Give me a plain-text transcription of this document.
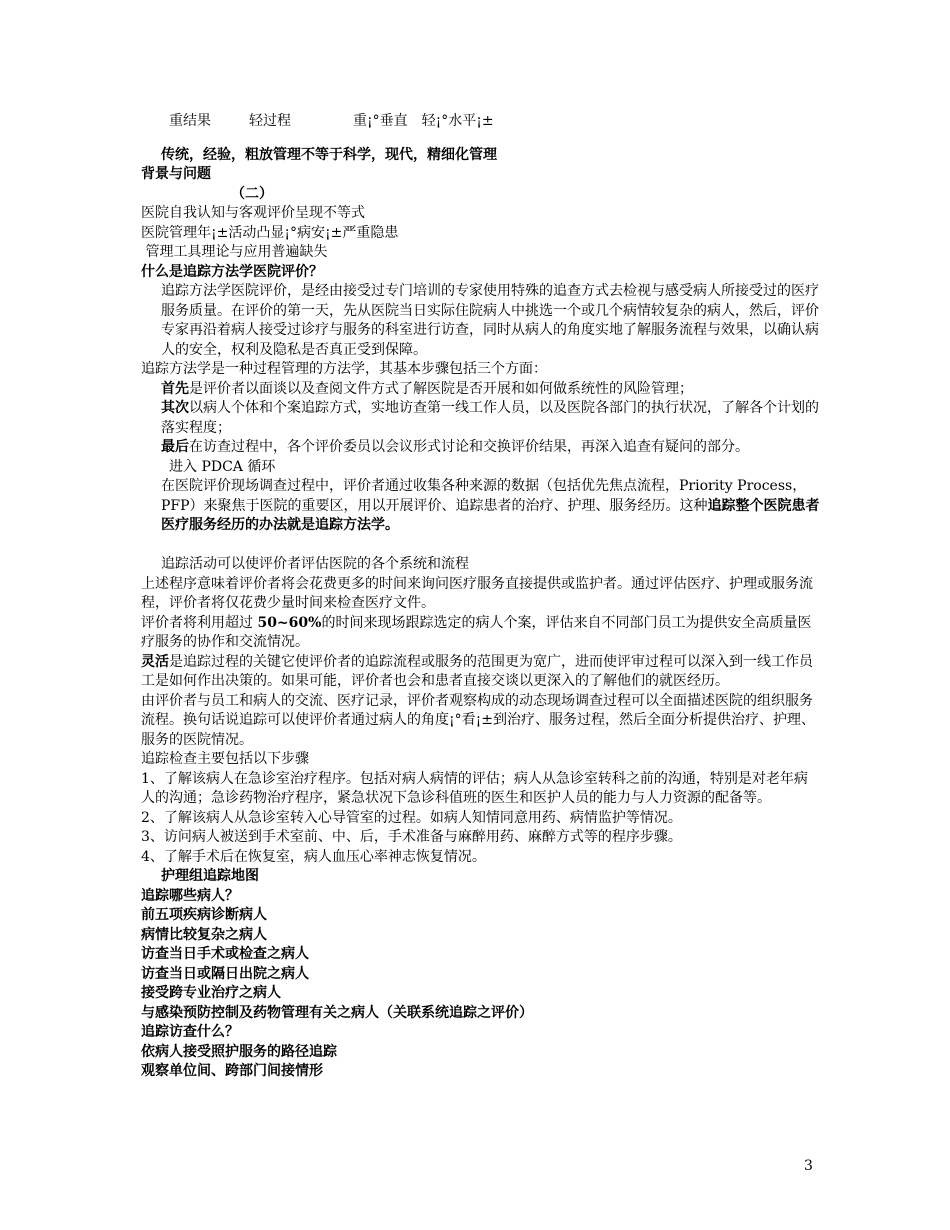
重结果	轻过程	重¡°垂直 轻¡°水平¡±

传统，经验，粗放管理不等于科学，现代，精细化管理

背景与问题

（二）

医院自我认知与客观评价呈现不等式

医院管理年¡±活动凸显¡°病安¡±严重隐患

管理工具理论与应用普遍缺失

什么是追踪方法学医院评价？

追踪方法学医院评价，是经由接受过专门培训的专家使用特殊的追查方式去检视与感受病人所接受过的医疗服务质量。在评价的第一天，先从医院当日实际住院病人中挑选一个或几个病情较复杂的病人，然后，评价专家再沿着病人接受过诊疗与服务的科室进行访查，同时从病人的角度实地了解服务流程与效果，以确认病人的安全，权利及隐私是否真正受到保障。

追踪方法学是一种过程管理的方法学，其基本步骤包括三个方面：

首先是评价者以面谈以及查阅文件方式了解医院是否开展和如何做系统性的风险管理；

其次以病人个体和个案追踪方式，实地访查第一线工作人员，以及医院各部门的执行状况，了解各个计划的落实程度；

最后在访查过程中，各个评价委员以会议形式讨论和交换评价结果，再深入追查有疑问的部分。

进入 PDCA 循环

在医院评价现场调查过程中，评价者通过收集各种来源的数据（包括优先焦点流程，Priority Process，PFP）来聚焦于医院的重要区，用以开展评价、追踪患者的治疗、护理、服务经历。这种追踪整个医院患者医疗服务经历的办法就是追踪方法学。

追踪活动可以使评价者评估医院的各个系统和流程

上述程序意味着评价者将会花费更多的时间来询问医疗服务直接提供或监护者。通过评估医疗、护理或服务流程，评价者将仅花费少量时间来检查医疗文件。

评价者将利用超过 50~60%的时间来现场跟踪选定的病人个案，评估来自不同部门员工为提供安全高质量医疗服务的协作和交流情况。

灵活是追踪过程的关键它使评价者的追踪流程或服务的范围更为宽广，进而使评审过程可以深入到一线工作员工是如何作出决策的。如果可能，评价者也会和患者直接交谈以更深入的了解他们的就医经历。

由评价者与员工和病人的交流、医疗记录，评价者观察构成的动态现场调查过程可以全面描述医院的组织服务流程。换句话说追踪可以使评价者通过病人的角度¡°看¡±到治疗、服务过程，然后全面分析提供治疗、护理、服务的医院情况。

追踪检查主要包括以下步骤

1、了解该病人在急诊室治疗程序。包括对病人病情的评估；病人从急诊室转科之前的沟通，特别是对老年病人的沟通；急诊药物治疗程序，紧急状况下急诊科值班的医生和医护人员的能力与人力资源的配备等。

2、了解该病人从急诊室转入心导管室的过程。如病人知情同意用药、病情监护等情况。

3、访问病人被送到手术室前、中、后，手术准备与麻醉用药、麻醉方式等的程序步骤。

4、了解手术后在恢复室，病人血压心率神志恢复情况。

护理组追踪地图

追踪哪些病人？

前五项疾病诊断病人

病情比较复杂之病人

访查当日手术或检查之病人

访查当日或隔日出院之病人

接受跨专业治疗之病人

与感染预防控制及药物管理有关之病人（关联系统追踪之评价）

追踪访查什么？

依病人接受照护服务的路径追踪

观察单位间、跨部门间接情形

3
